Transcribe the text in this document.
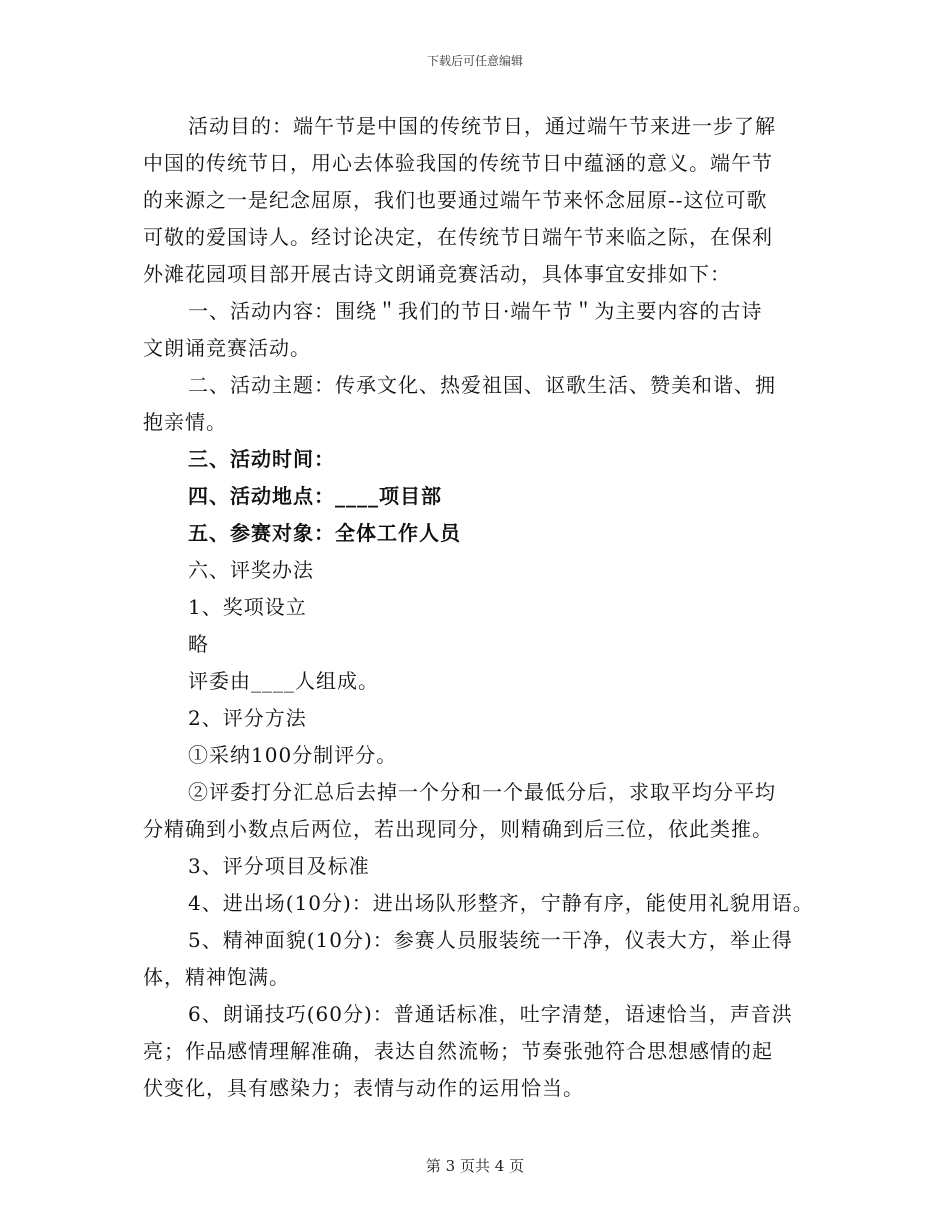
下载后可任意编辑

活动目的：端午节是中国的传统节日，通过端午节来进一步了解

中国的传统节日，用心去体验我国的传统节日中蕴涵的意义。端午节

的来源之一是纪念屈原，我们也要通过端午节来怀念屈原--这位可歌

可敬的爱国诗人。经讨论决定，在传统节日端午节来临之际，在保利

外滩花园项目部开展古诗文朗诵竞赛活动，具体事宜安排如下：

一、活动内容：围绕＂我们的节日·端午节＂为主要内容的古诗

文朗诵竞赛活动。

二、活动主题：传承文化、热爱祖国、讴歌生活、赞美和谐、拥

抱亲情。

三、活动时间：

四、活动地点：____项目部

五、参赛对象：全体工作人员

六、评奖办法

1、奖项设立

略

评委由____人组成。

2、评分方法

①采纳100分制评分。

②评委打分汇总后去掉一个分和一个最低分后，求取平均分平均

分精确到小数点后两位，若出现同分，则精确到后三位，依此类推。

3、评分项目及标准

4、进出场(10分)：进出场队形整齐，宁静有序，能使用礼貌用语。

5、精神面貌(10分)：参赛人员服装统一干净，仪表大方，举止得

体，精神饱满。

6、朗诵技巧(60分)：普通话标准，吐字清楚，语速恰当，声音洪

亮；作品感情理解准确，表达自然流畅；节奏张弛符合思想感情的起

伏变化，具有感染力；表情与动作的运用恰当。

第 3 页共 4 页
